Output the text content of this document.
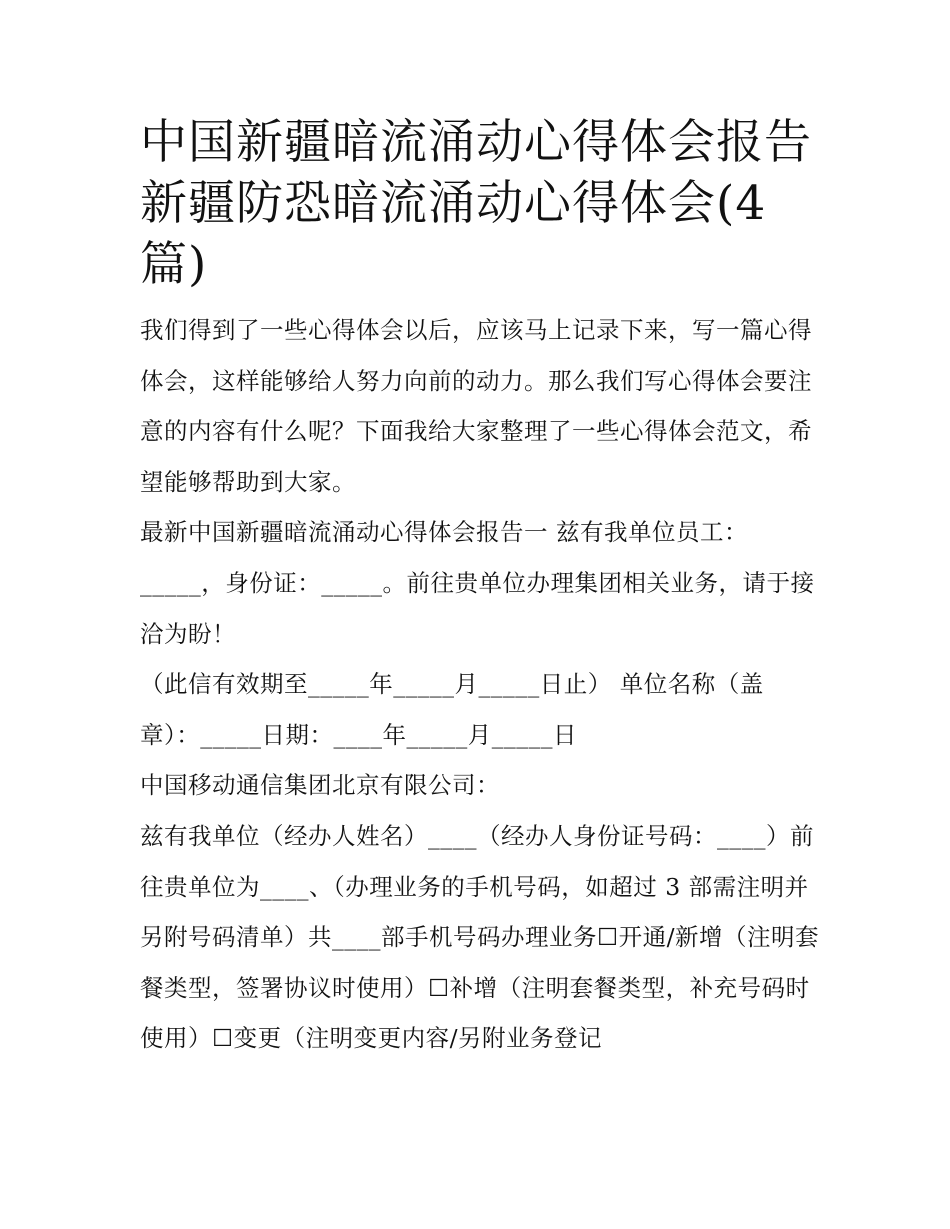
中国新疆暗流涌动心得体会报告 新疆防恐暗流涌动心得体会(4 篇)

我们得到了一些心得体会以后，应该马上记录下来，写一篇心得体会，这样能够给人努力向前的动力。那么我们写心得体会要注意的内容有什么呢？下面我给大家整理了一些心得体会范文，希望能够帮助到大家。

最新中国新疆暗流涌动心得体会报告一 兹有我单位员工：_____，身份证：_____。前往贵单位办理集团相关业务，请于接洽为盼！

（此信有效期至_____年_____月_____日止） 单位名称（盖章）：_____日期：____年_____月_____日

中国移动通信集团北京有限公司：

兹有我单位（经办人姓名）____（经办人身份证号码：____）前往贵单位为____、（办理业务的手机号码，如超过 3 部需注明并另附号码清单）共____部手机号码办理业务☐开通/新增（注明套餐类型，签署协议时使用）☐补增（注明套餐类型，补充号码时使用）☐变更（注明变更内容/另附业务登记
